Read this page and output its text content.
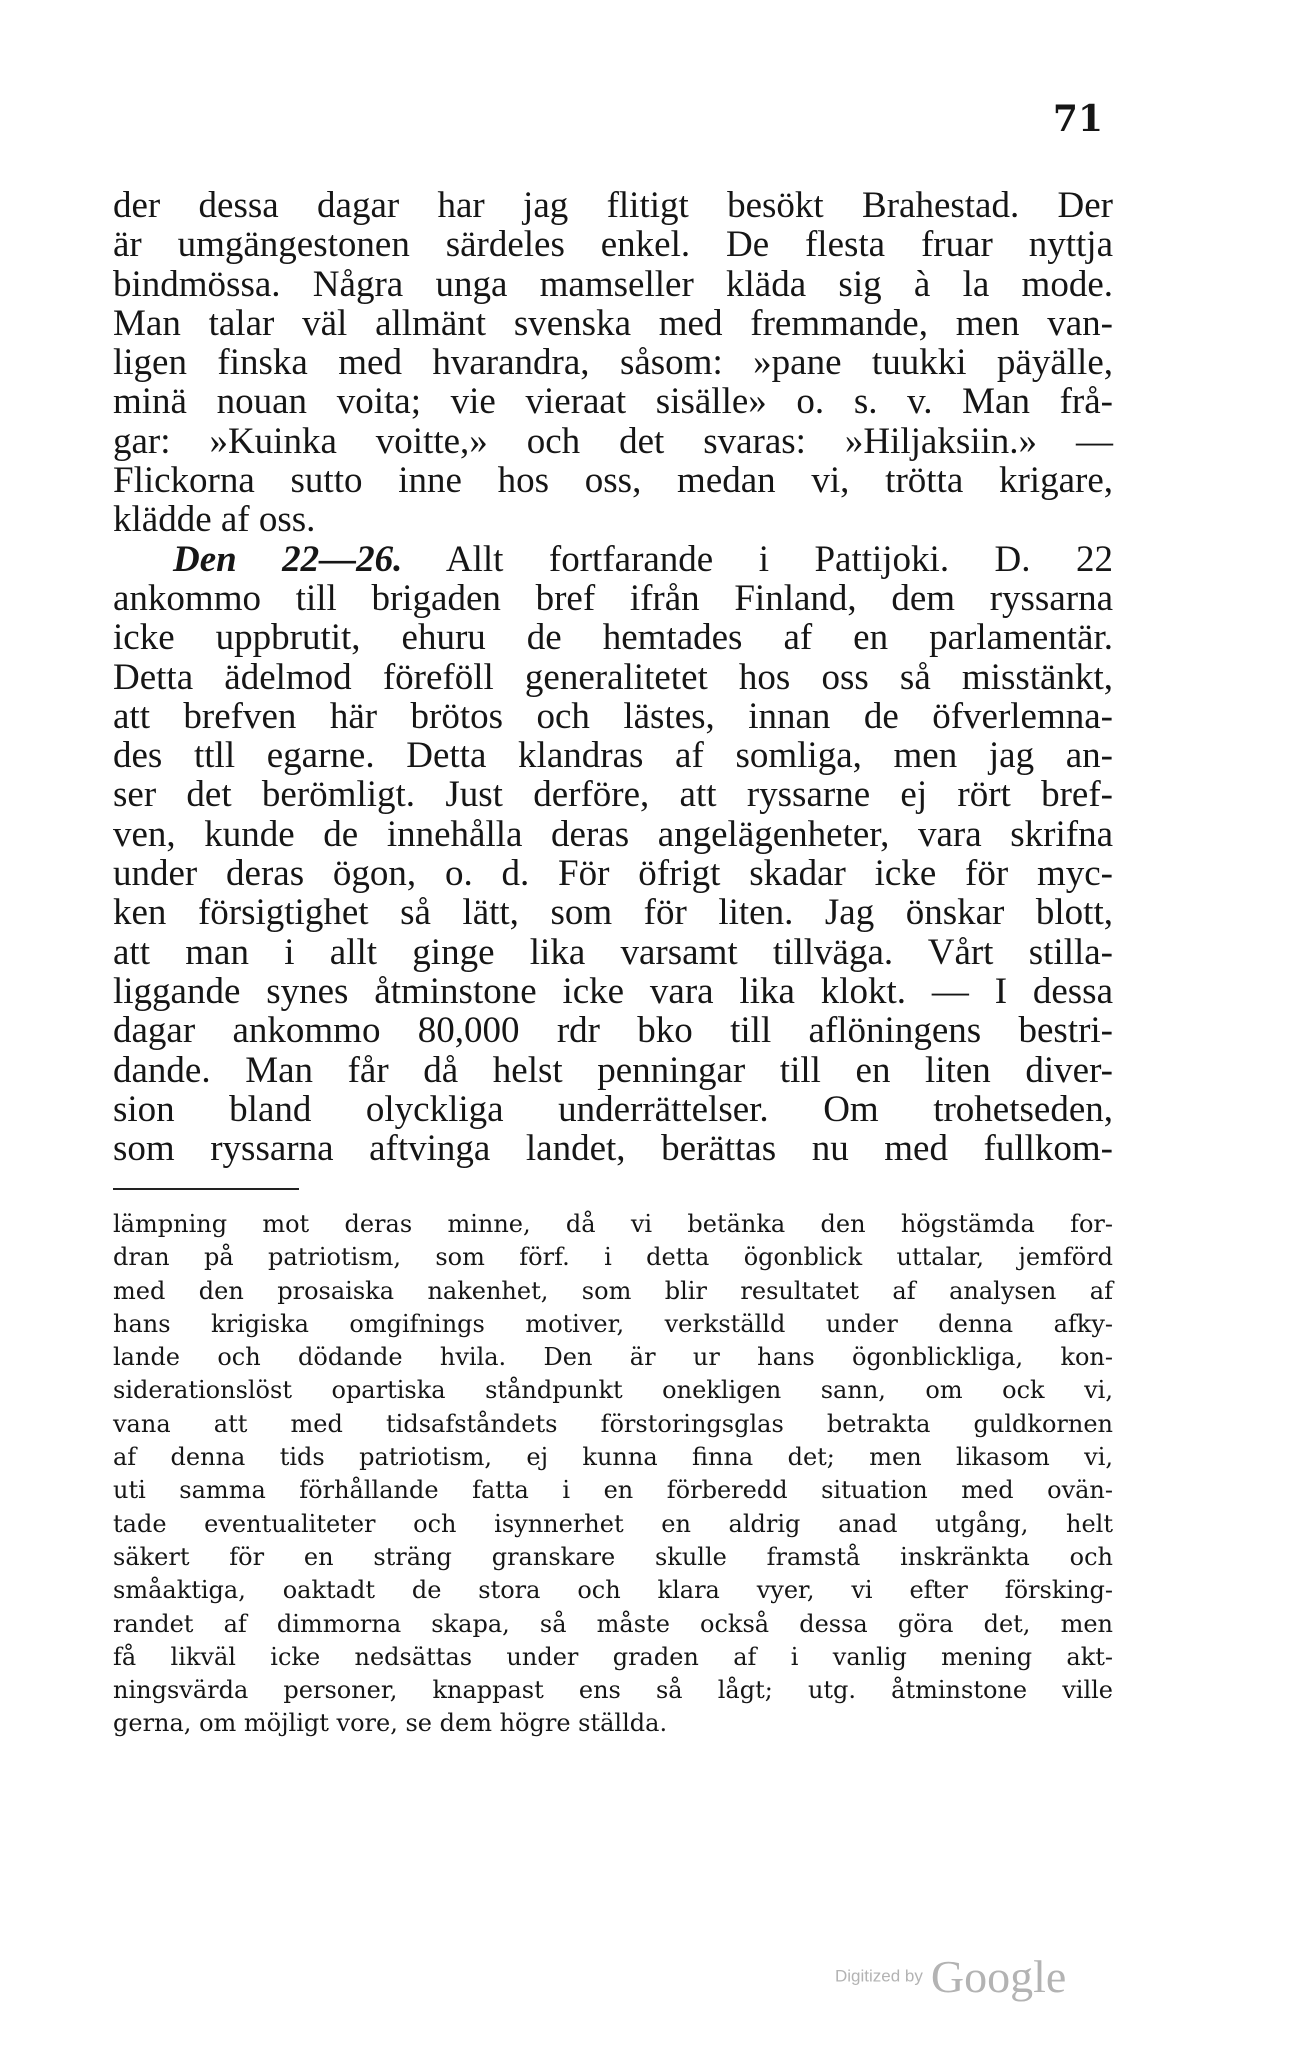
71
der dessa dagar har jag flitigt besökt Brahestad. Der
är umgängestonen särdeles enkel. De flesta fruar nyttja
bindmössa. Några unga mamseller kläda sig à la mode.
Man talar väl allmänt svenska med fremmande, men van-
ligen finska med hvarandra, såsom: »pane tuukki päyälle,
minä nouan voita; vie vieraat sisälle» o. s. v. Man frå-
gar: »Kuinka voitte,» och det svaras: »Hiljaksiin.» —
Flickorna sutto inne hos oss, medan vi, trötta krigare,
klädde af oss.
Den 22—26. Allt fortfarande i Pattijoki. D. 22
ankommo till brigaden bref ifrån Finland, dem ryssarna
icke uppbrutit, ehuru de hemtades af en parlamentär.
Detta ädelmod föreföll generalitetet hos oss så misstänkt,
att brefven här brötos och lästes, innan de öfverlemna-
des ttll egarne. Detta klandras af somliga, men jag an-
ser det berömligt. Just derföre, att ryssarne ej rört bref-
ven, kunde de innehålla deras angelägenheter, vara skrifna
under deras ögon, o. d. För öfrigt skadar icke för myc-
ken försigtighet så lätt, som för liten. Jag önskar blott,
att man i allt ginge lika varsamt tillväga. Vårt stilla-
liggande synes åtminstone icke vara lika klokt. — I dessa
dagar ankommo 80,000 rdr bko till aflöningens bestri-
dande. Man får då helst penningar till en liten diver-
sion bland olyckliga underrättelser. Om trohetseden,
som ryssarna aftvinga landet, berättas nu med fullkom-
lämpning mot deras minne, då vi betänka den högstämda for-
dran på patriotism, som förf. i detta ögonblick uttalar, jemförd
med den prosaiska nakenhet, som blir resultatet af analysen af
hans krigiska omgifnings motiver, verkställd under denna afky-
lande och dödande hvila. Den är ur hans ögonblickliga, kon-
siderationslöst opartiska ståndpunkt onekligen sann, om ock vi,
vana att med tidsafståndets förstoringsglas betrakta guldkornen
af denna tids patriotism, ej kunna finna det; men likasom vi,
uti samma förhållande fatta i en förberedd situation med ovän-
tade eventualiteter och isynnerhet en aldrig anad utgång, helt
säkert för en sträng granskare skulle framstå inskränkta och
småaktiga, oaktadt de stora och klara vyer, vi efter försking-
randet af dimmorna skapa, så måste också dessa göra det, men
få likväl icke nedsättas under graden af i vanlig mening akt-
ningsvärda personer, knappast ens så lågt; utg. åtminstone ville
gerna, om möjligt vore, se dem högre ställda.
Digitized by Google
